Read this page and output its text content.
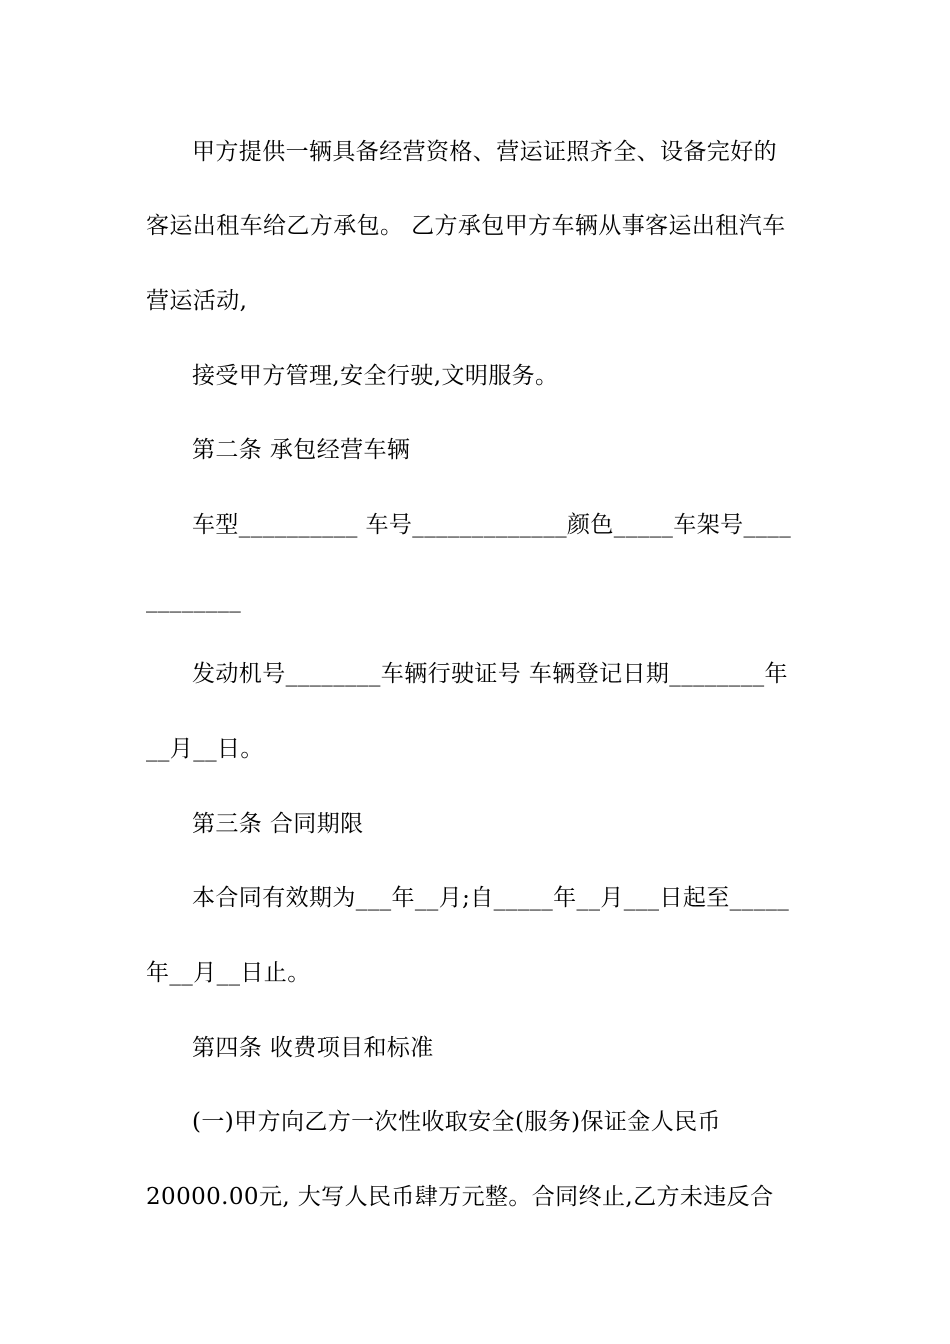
甲方提供一辆具备经营资格、营运证照齐全、设备完好的
客运出租车给乙方承包。 乙方承包甲方车辆从事客运出租汽车
营运活动,
接受甲方管理,安全行驶,文明服务。
第二条 承包经营车辆
车型__________ 车号_____________颜色_____车架号____
________
发动机号________车辆行驶证号 车辆登记日期________年
__月__日。
第三条 合同期限
本合同有效期为___年__月;自_____年__月___日起至_____
年__月__日止。
第四条 收费项目和标准
(一)甲方向乙方一次性收取安全(服务)保证金人民币
20000.00元, 大写人民币肆万元整。合同终止,乙方未违反合
